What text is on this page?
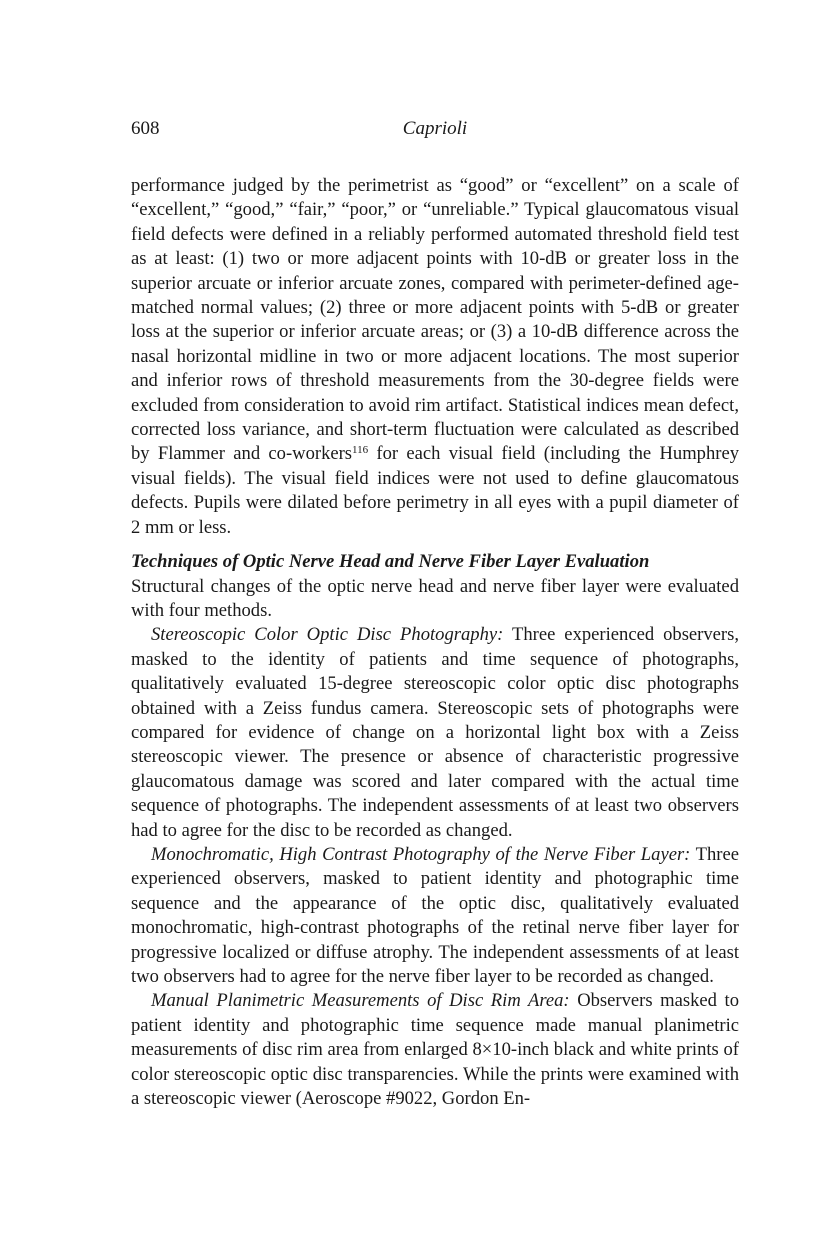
608	Caprioli

performance judged by the perimetrist as “good” or “excellent” on a scale of “excellent,” “good,” “fair,” “poor,” or “unreliable.” Typical glaucomatous visual field defects were defined in a reliably performed automated threshold field test as at least: (1) two or more adjacent points with 10-dB or greater loss in the superior arcuate or inferior arcuate zones, compared with perimeter-defined age-matched normal values; (2) three or more adjacent points with 5-dB or greater loss at the superior or inferior arcuate areas; or (3) a 10-dB difference across the nasal horizontal midline in two or more adjacent locations. The most superior and inferior rows of threshold measurements from the 30-degree fields were excluded from consideration to avoid rim artifact. Statistical indices mean defect, corrected loss variance, and short-term fluctuation were calculated as described by Flammer and co-workers$^{116}$ for each visual field (including the Humphrey visual fields). The visual field indices were not used to define glaucomatous defects. Pupils were dilated before perimetry in all eyes with a pupil diameter of 2 mm or less.

Techniques of Optic Nerve Head and Nerve Fiber Layer Evaluation

Structural changes of the optic nerve head and nerve fiber layer were evaluated with four methods.

Stereoscopic Color Optic Disc Photography: Three experienced observers, masked to the identity of patients and time sequence of photographs, qualitatively evaluated 15-degree stereoscopic color optic disc photographs obtained with a Zeiss fundus camera. Stereoscopic sets of photographs were compared for evidence of change on a horizontal light box with a Zeiss stereoscopic viewer. The presence or absence of characteristic progressive glaucomatous damage was scored and later compared with the actual time sequence of photographs. The independent assessments of at least two observers had to agree for the disc to be recorded as changed.

Monochromatic, High Contrast Photography of the Nerve Fiber Layer: Three experienced observers, masked to patient identity and photographic time sequence and the appearance of the optic disc, qualitatively evaluated monochromatic, high-contrast photographs of the retinal nerve fiber layer for progressive localized or diffuse atrophy. The independent assessments of at least two observers had to agree for the nerve fiber layer to be recorded as changed.

Manual Planimetric Measurements of Disc Rim Area: Observers masked to patient identity and photographic time sequence made manual planimetric measurements of disc rim area from enlarged 8×10-inch black and white prints of color stereoscopic optic disc transparencies. While the prints were examined with a stereoscopic viewer (Aeroscope #9022, Gordon En-
